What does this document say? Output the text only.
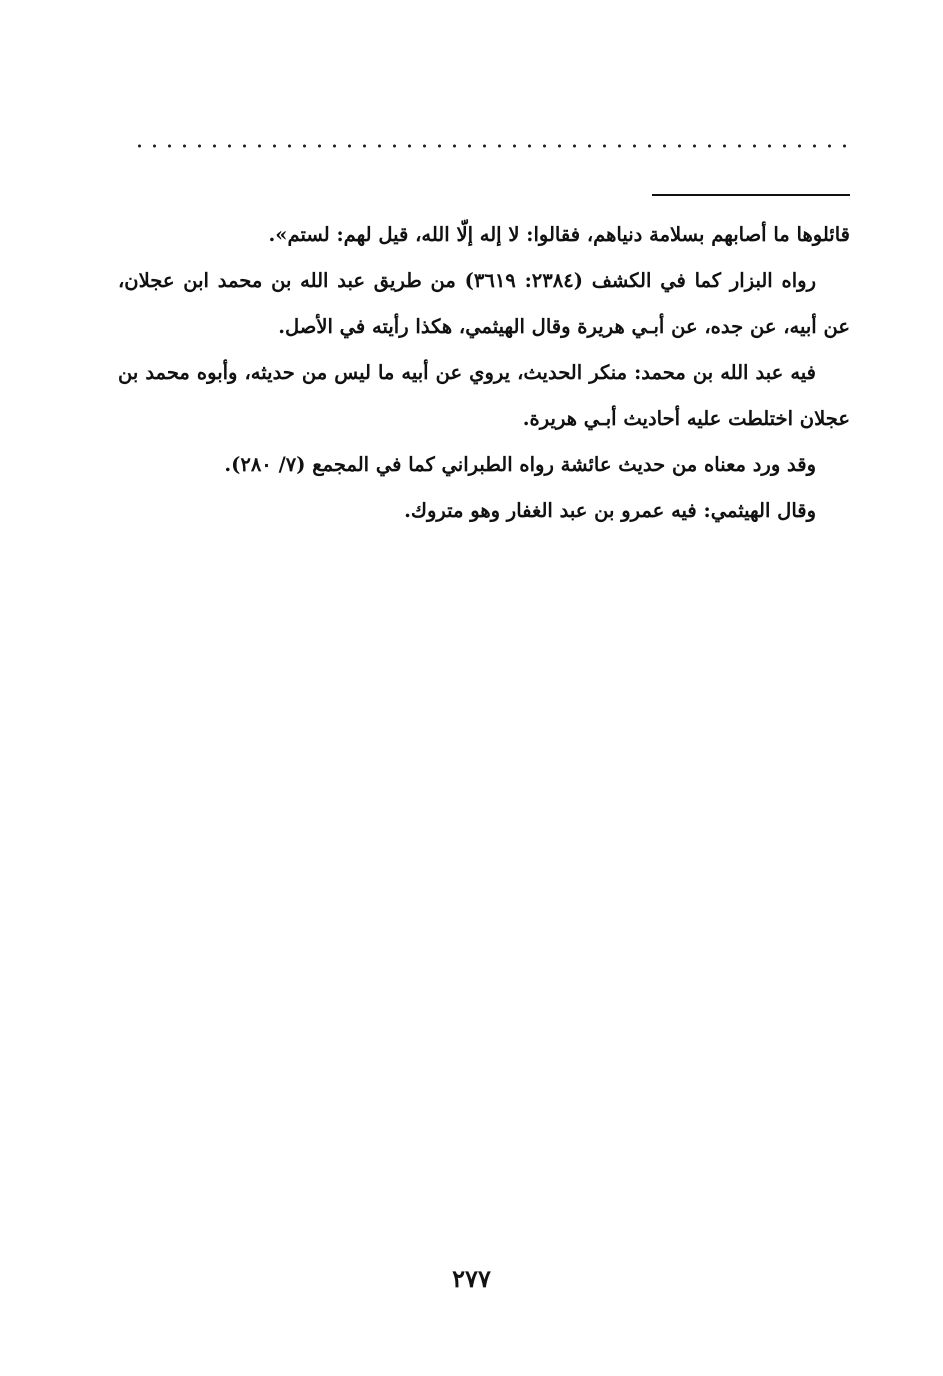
قائلوها ما أصابهم بسلامة دنياهم، فقالوا: لا إله إلّا الله، قيل لهم: لستم».

رواه البزار كما في الكشف (٢٣٨٤: ٣٦١٩) من طريق عبد الله بن محمد ابن عجلان، عن أبيه، عن جده، عن أبـي هريرة وقال الهيثمي، هكذا رأيته في الأصل.

فيه عبد الله بن محمد: منكر الحديث، يروي عن أبيه ما ليس من حديثه، وأبوه محمد بن عجلان اختلطت عليه أحاديث أبـي هريرة.

وقد ورد معناه من حديث عائشة رواه الطبراني كما في المجمع (٧/ ٢٨٠).

وقال الهيثمي: فيه عمرو بن عبد الغفار وهو متروك.

٢٧٧
